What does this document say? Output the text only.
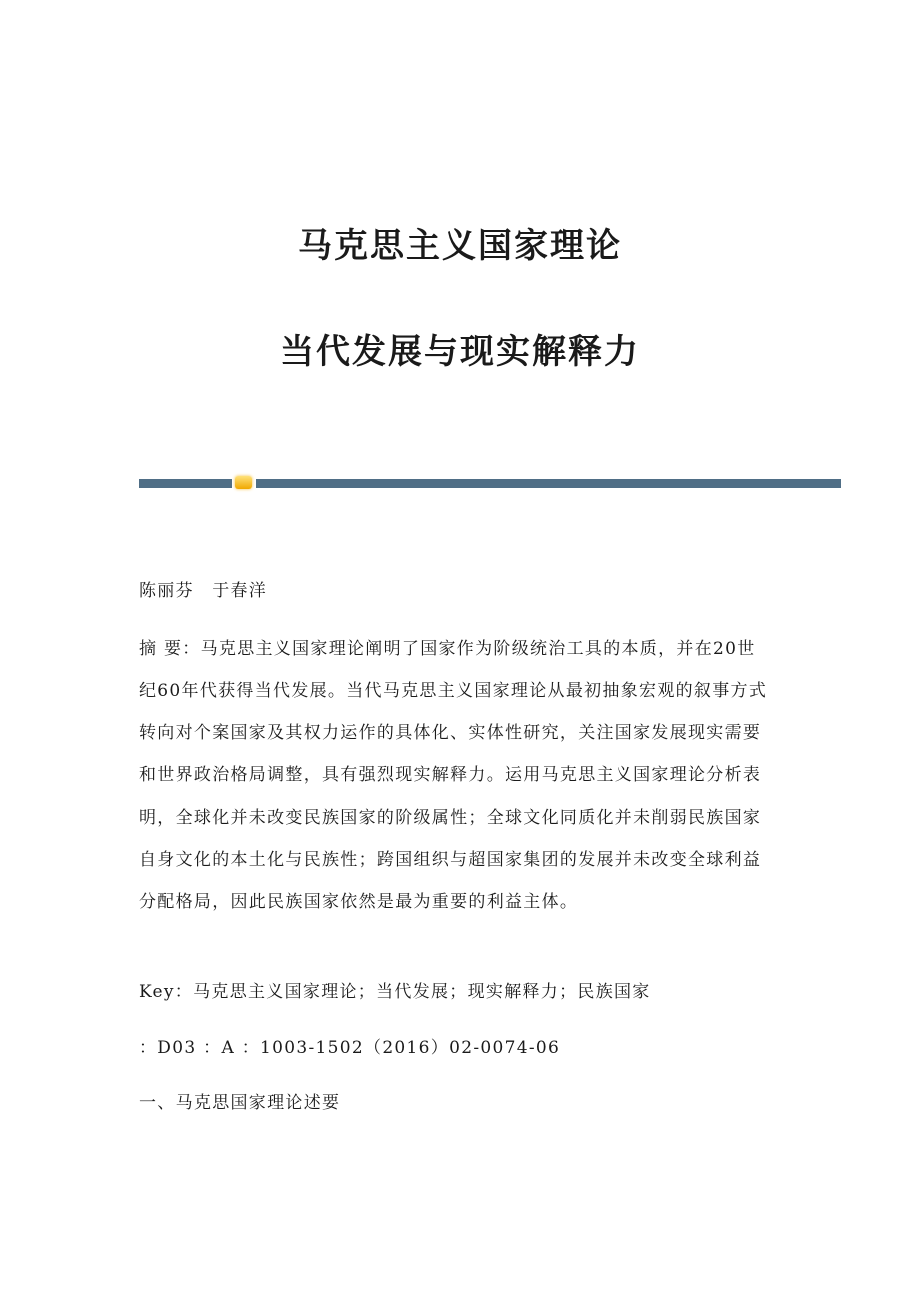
马克思主义国家理论
当代发展与现实解释力
陈丽芬　于春洋
摘 要：马克思主义国家理论阐明了国家作为阶级统治工具的本质，并在20世
纪60年代获得当代发展。当代马克思主义国家理论从最初抽象宏观的叙事方式
转向对个案国家及其权力运作的具体化、实体性研究，关注国家发展现实需要
和世界政治格局调整，具有强烈现实解释力。运用马克思主义国家理论分析表
明，全球化并未改变民族国家的阶级属性；全球文化同质化并未削弱民族国家
自身文化的本土化与民族性；跨国组织与超国家集团的发展并未改变全球利益
分配格局，因此民族国家依然是最为重要的利益主体。
Key：马克思主义国家理论；当代发展；现实解释力；民族国家
：D03 ：A ：1003-1502（2016）02-0074-06
一、马克思国家理论述要
